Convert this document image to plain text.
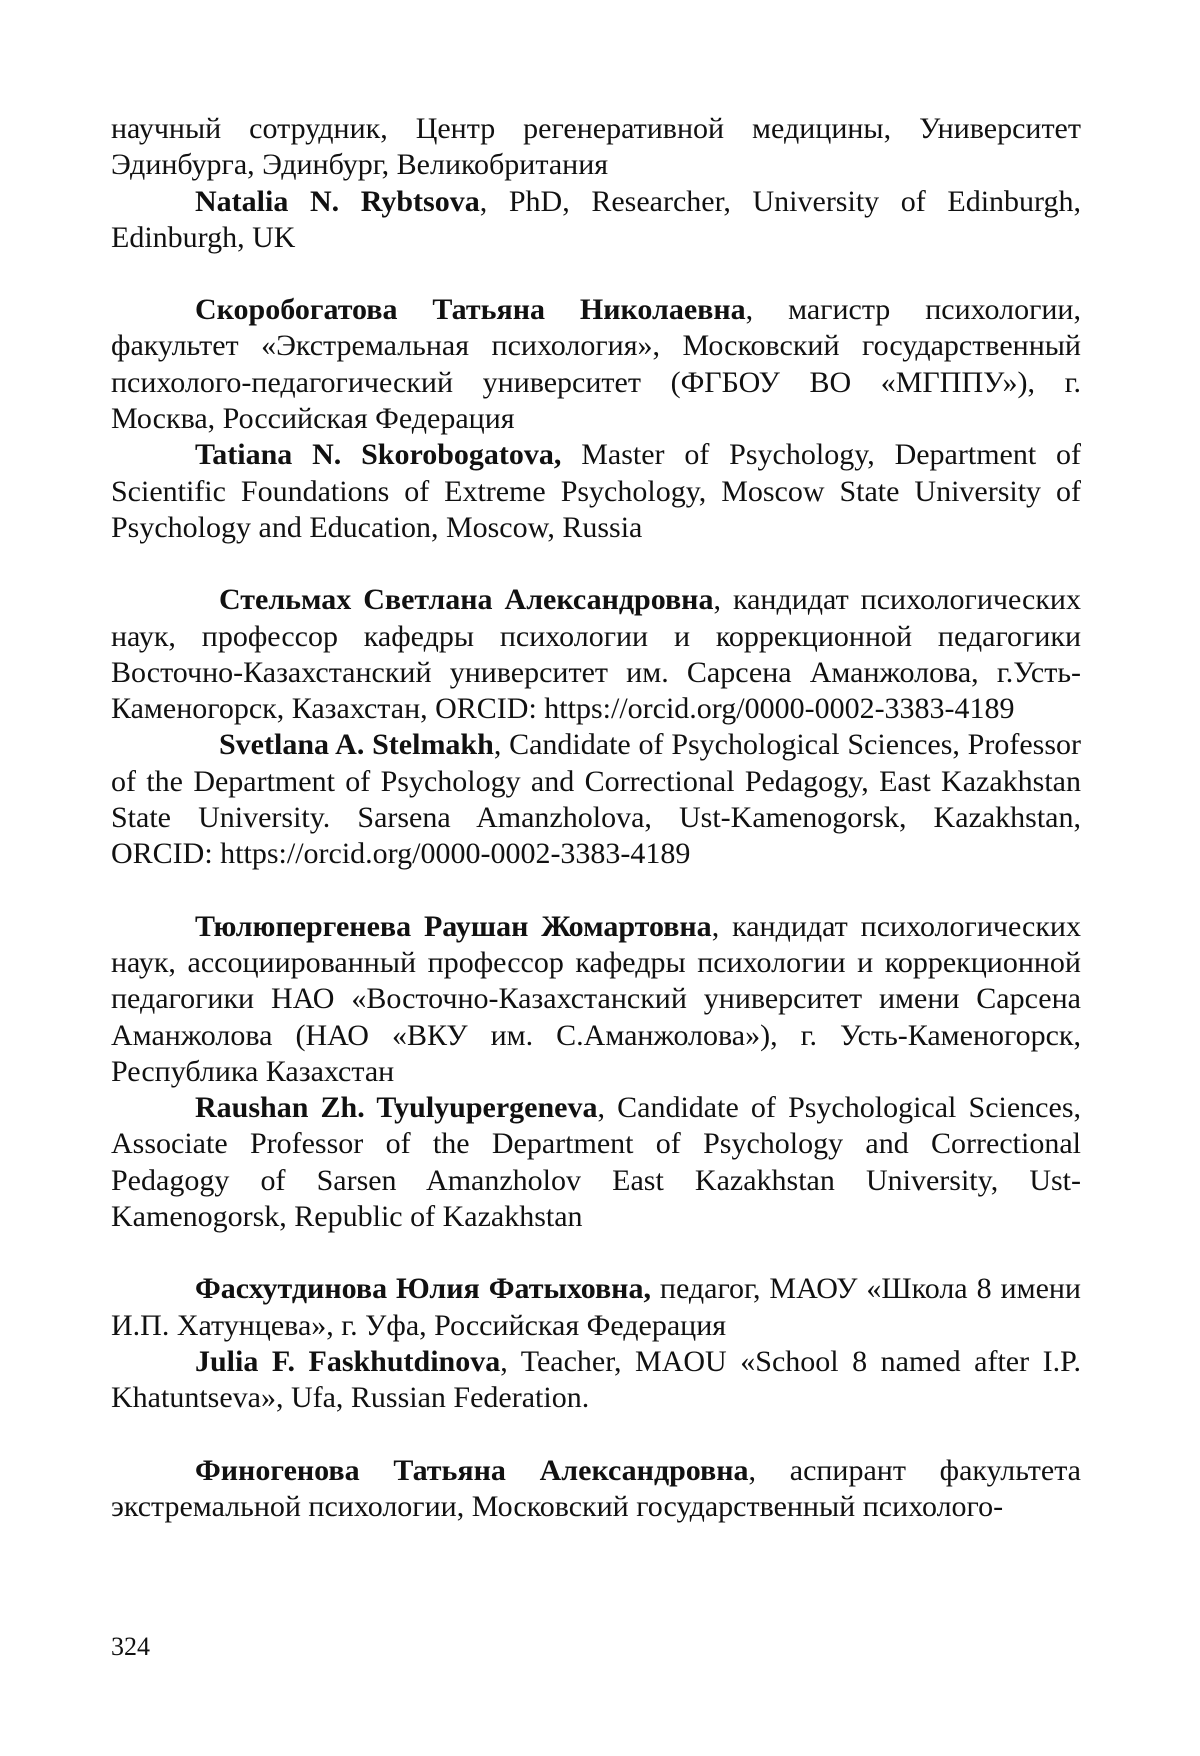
научный сотрудник, Центр регенеративной медицины, Университет Эдинбурга, Эдинбург, Великобритания

Natalia N. Rybtsova, PhD, Researcher, University of Edinburgh, Edinburgh, UK

Скоробогатова Татьяна Николаевна, магистр психологии, факультет «Экстремальная психология», Московский государственный психолого-педагогический университет (ФГБОУ ВО «МГППУ»), г. Москва, Российская Федерация

Tatiana N. Skorobogatova, Master of Psychology, Department of Scientific Foundations of Extreme Psychology, Moscow State University of Psychology and Education, Moscow, Russia

Стельмах Светлана Александровна, кандидат психологических наук, профессор кафедры психологии и коррекционной педагогики Восточно-Казахстанский университет им. Сарсена Аманжолова, г.Усть-Каменогорск, Казахстан, ORCID: https://orcid.org/0000-0002-3383-4189

Svetlana A. Stelmakh, Candidate of Psychological Sciences, Professor of the Department of Psychology and Correctional Pedagogy, East Kazakhstan State University. Sarsena Amanzholova, Ust-Kamenogorsk, Kazakhstan, ORCID: https://orcid.org/0000-0002-3383-4189

Тюлюпергенева Раушан Жомартовна, кандидат психологических наук, ассоциированный профессор кафедры психологии и коррекционной педагогики НАО «Восточно-Казахстанский университет имени Сарсена Аманжолова (НАО «ВКУ им. С.Аманжолова»), г. Усть-Каменогорск, Республика Казахстан

Raushan Zh. Tyulyupergeneva, Candidate of Psychological Sciences, Associate Professor of the Department of Psychology and Correctional Pedagogy of Sarsen Amanzholov East Kazakhstan University, Ust-Kamenogorsk, Republic of Kazakhstan

Фасхутдинова Юлия Фатыховна, педагог, МАОУ «Школа 8 имени И.П. Хатунцева», г. Уфа, Российская Федерация

Julia F. Faskhutdinova, Teacher, MAOU «School 8 named after I.P. Khatuntseva», Ufa, Russian Federation.

Финогенова Татьяна Александровна, аспирант факультета экстремальной психологии, Московский государственный психолого-

324
